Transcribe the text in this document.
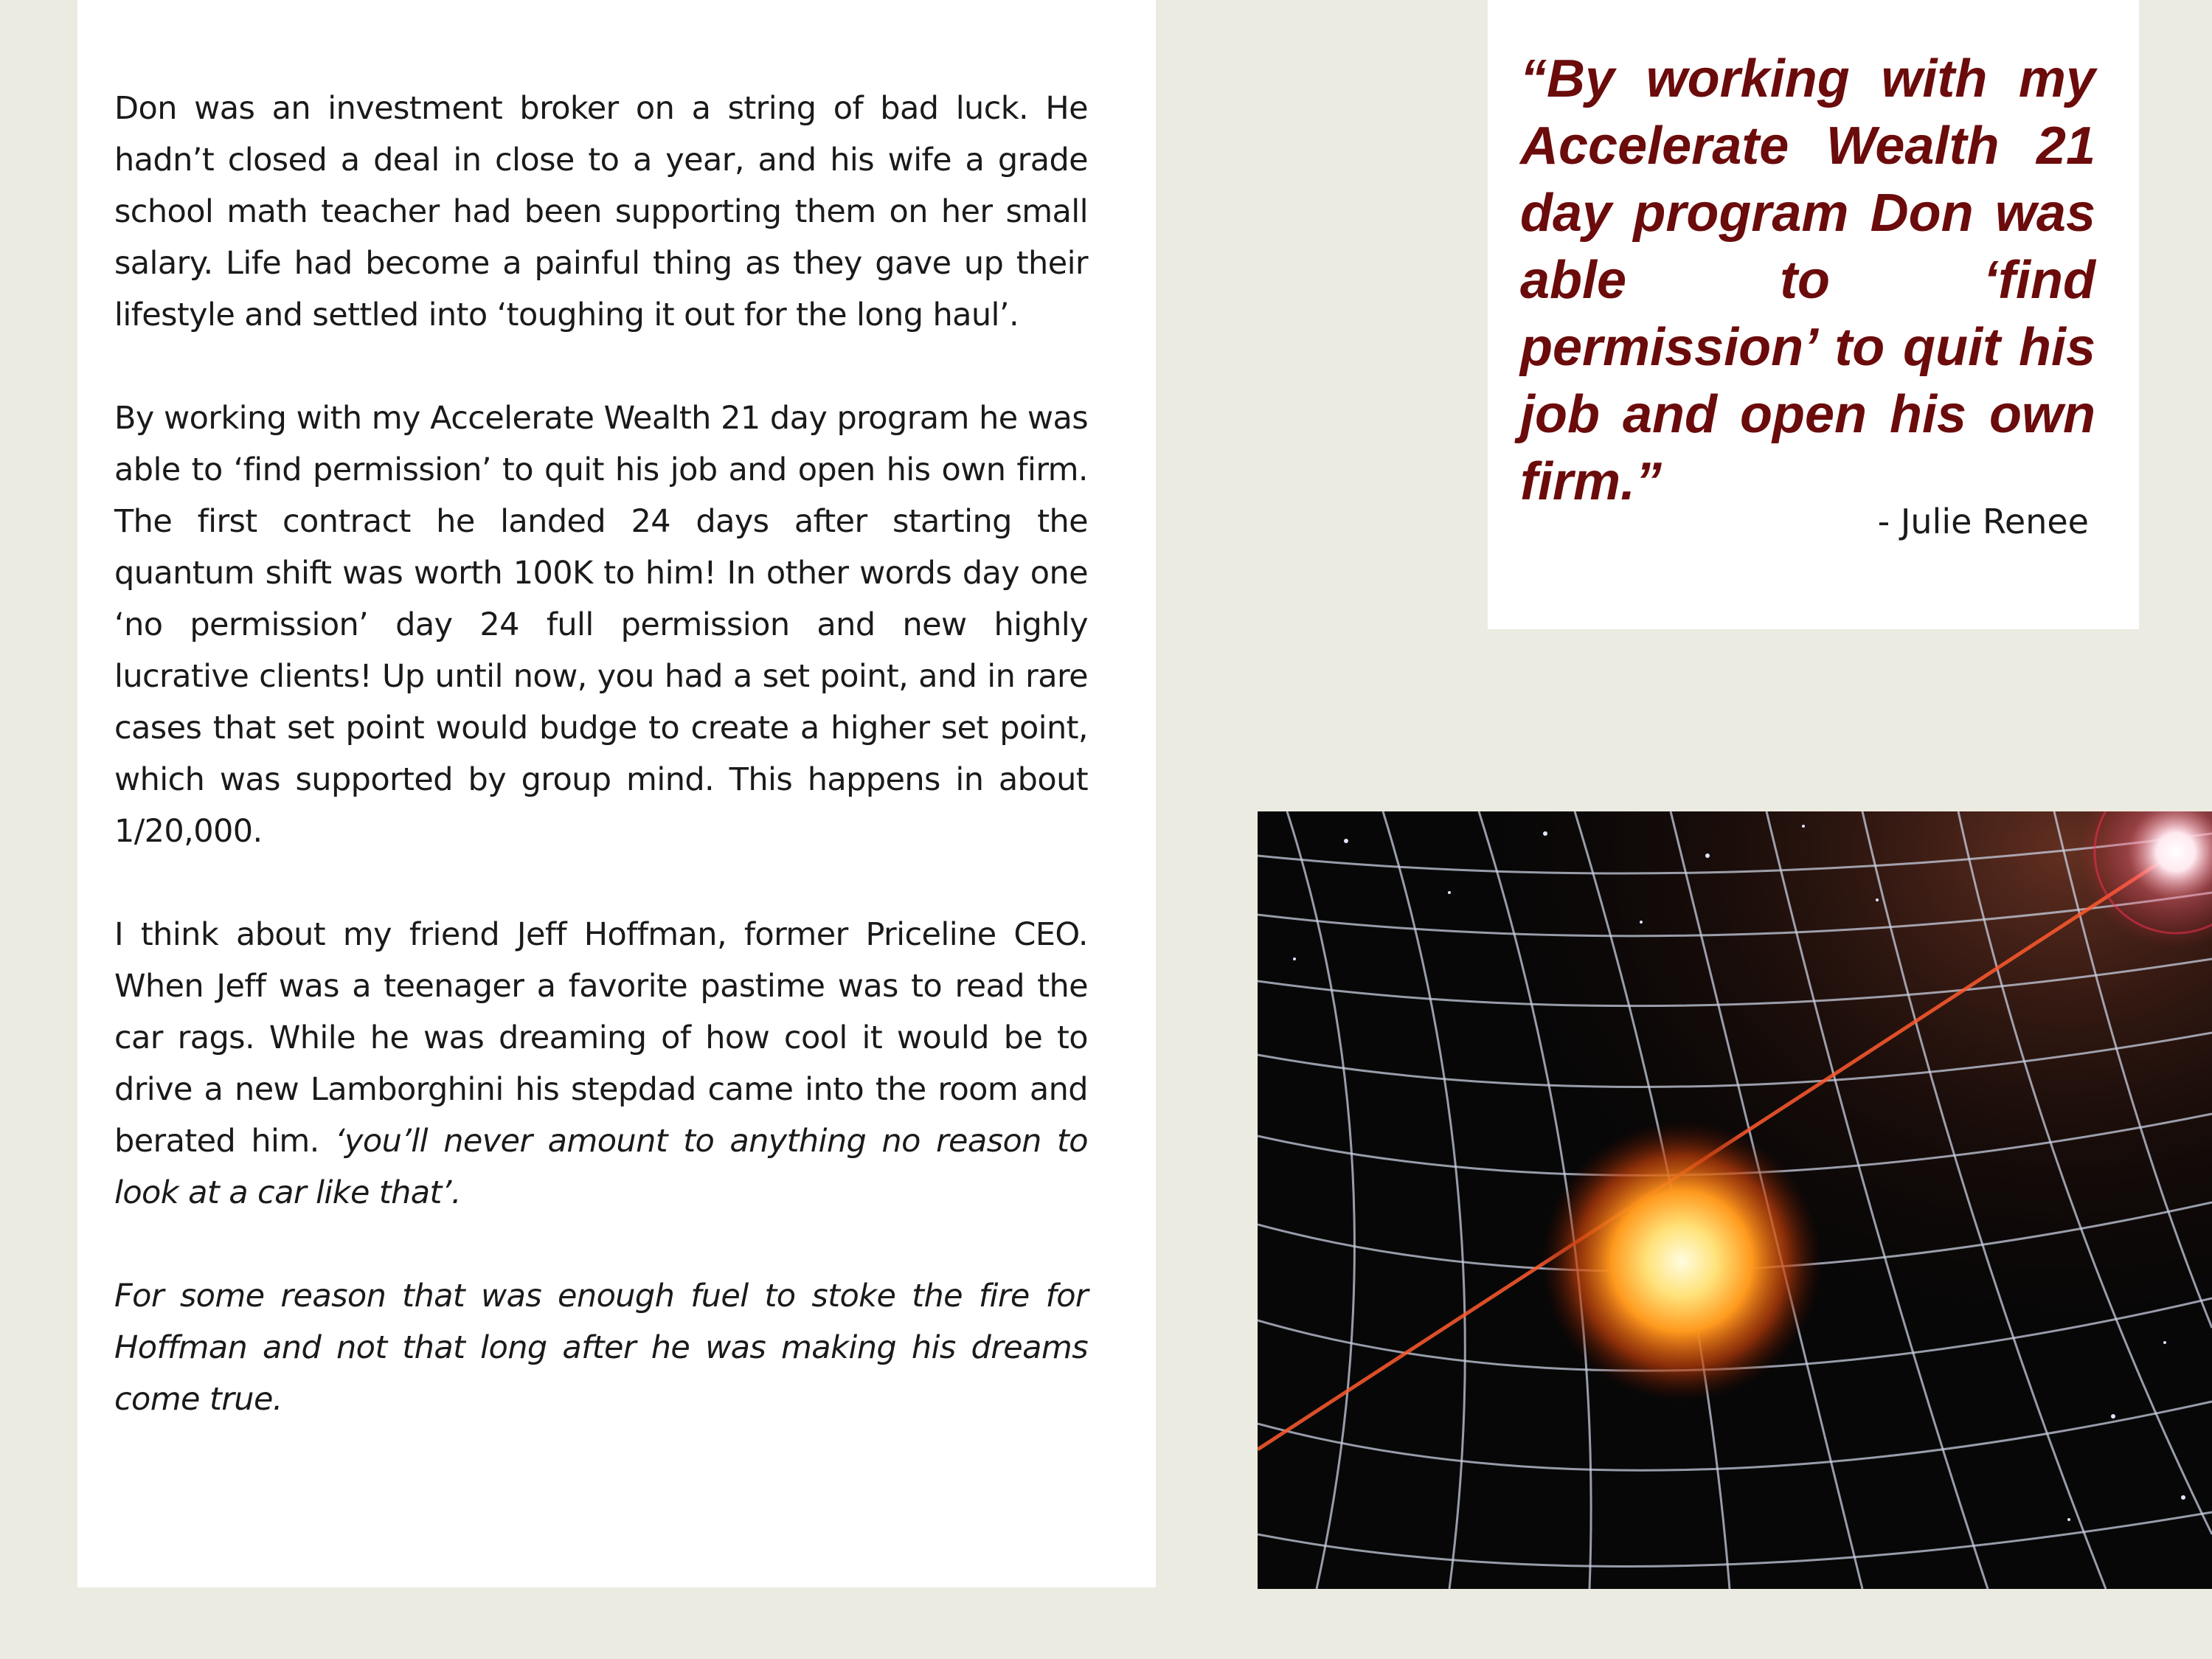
Don was an investment broker on a string of bad luck. He hadn’t closed a deal in close to a year, and his wife a grade school math teacher had been supporting them on her small salary. Life had become a painful thing as they gave up their lifestyle and settled into ‘toughing it out for the long haul’.

By working with my Accelerate Wealth 21 day program he was able to ‘find permission’ to quit his job and open his own firm. The first contract he landed 24 days after starting the quantum shift was worth 100K to him! In other words day one ‘no permission’ day 24 full permission and new highly lucrative clients! Up until now, you had a set point, and in rare cases that set point would budge to create a higher set point, which was supported by group mind. This happens in about 1/20,000.

I think about my friend Jeff Hoffman, former Priceline CEO. When Jeff was a teenager a favorite pastime was to read the car rags. While he was dreaming of how cool it would be to drive a new Lamborghini his stepdad came into the room and berated him. ‘you’ll never amount to anything no reason to look at a car like that’.

For some reason that was enough fuel to stoke the fire for Hoffman and not that long after he was making his dreams come true.

“By working with my Accelerate Wealth 21 day program Don was able to ‘find permission’ to quit his job and open his own firm.”
- Julie Renee
